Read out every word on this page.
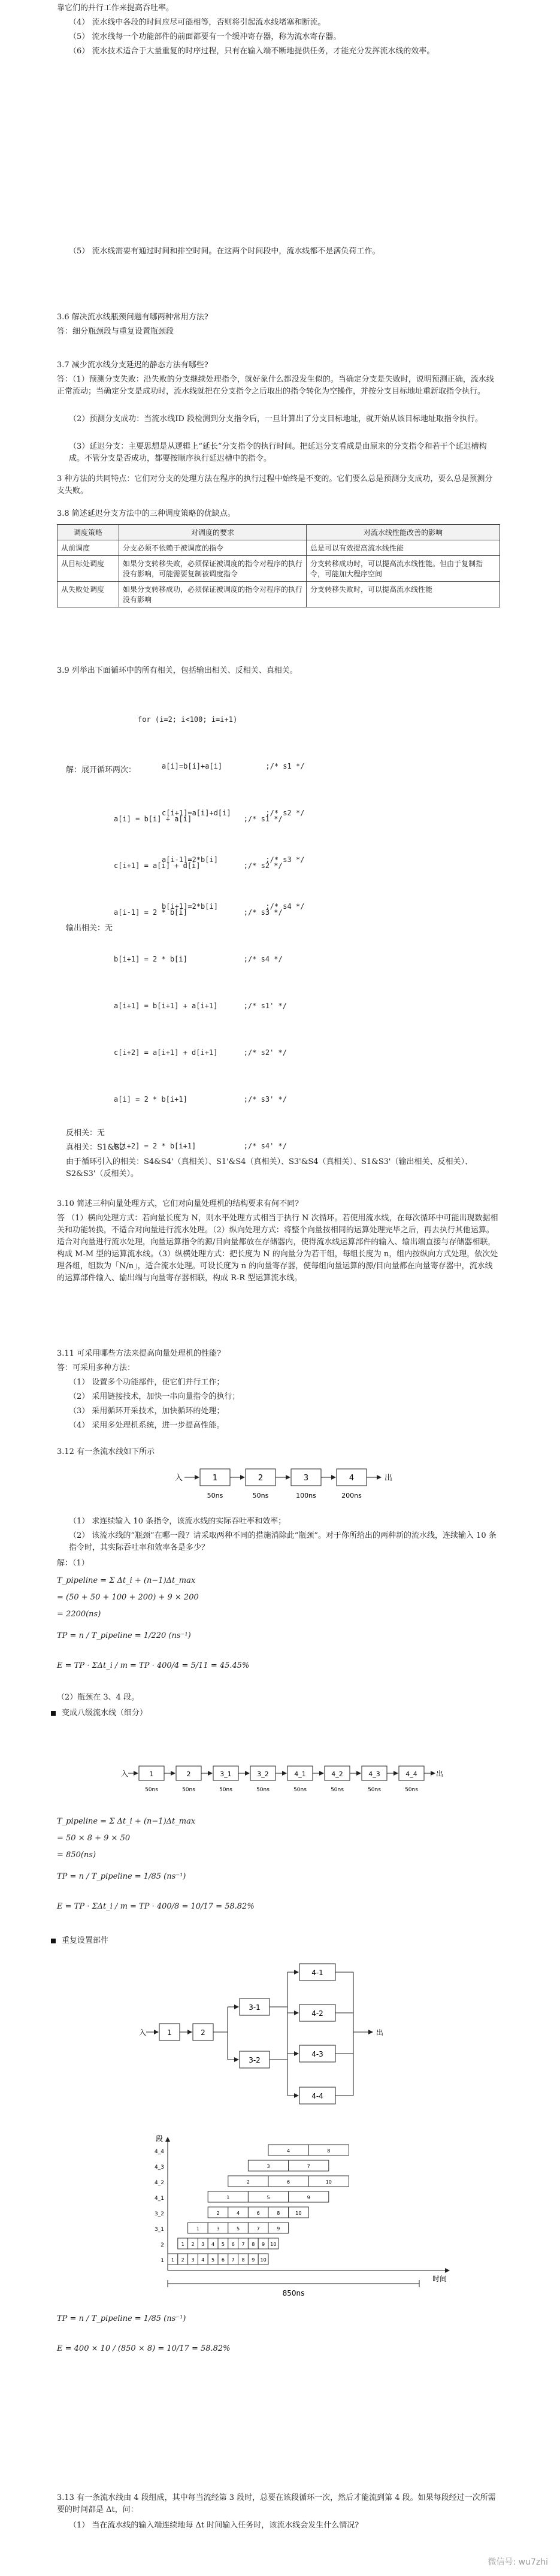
靠它们的并行工作来提高吞吐率。

（4） 流水线中各段的时间应尽可能相等，否则将引起流水线堵塞和断流。

（5） 流水线每一个功能部件的前面都要有一个缓冲寄存器，称为流水寄存器。

（6） 流水技术适合于大量重复的时序过程，只有在输入端不断地提供任务，才能充分发挥流水线的效率。

（5） 流水线需要有通过时间和排空时间。在这两个时间段中，流水线都不是满负荷工作。

3.6 解决流水线瓶颈问题有哪两种常用方法?

答：细分瓶颈段与重复设置瓶颈段

3.7 减少流水线分支延迟的静态方法有哪些?

答：（1）预测分支失败：沿失败的分支继续处理指令，就好象什么都没发生似的。当确定分支是失败时，说明预测正确，流水线正常流动；当确定分支是成功时，流水线就把在分支指令之后取出的指令转化为空操作，并按分支目标地址重新取指令执行。

（2）预测分支成功：当流水线ID 段检测到分支指令后，一旦计算出了分支目标地址，就开始从该目标地址取指令执行。

（3）延迟分支：主要思想是从逻辑上“延长”分支指令的执行时间。把延迟分支看成是由原来的分支指令和若干个延迟槽构成。不管分支是否成功，都要按顺序执行延迟槽中的指令。

3 种方法的共同特点：它们对分支的处理方法在程序的执行过程中始终是不变的。它们要么总是预测分支成功，要么总是预测分支失败。

3.8 简述延迟分支方法中的三种调度策略的优缺点。

调度策略	对调度的要求	对流水线性能改善的影响
从前调度	分支必须不依赖于被调度的指令	总是可以有效提高流水线性能
从目标处调度	如果分支转移失败，必须保证被调度的指令对程序的执行没有影响，可能需要复制被调度指令	分支转移成功时，可以提高流水线性能。但由于复制指令，可能加大程序空间
从失败处调度	如果分支转移成功，必须保证被调度的指令对程序的执行没有影响	分支转移失败时，可以提高流水线性能

3.9 列举出下面循环中的所有相关，包括输出相关、反相关、真相关。

for (i=2; i<100; i=i+1)

a[i]=b[i]+a[i]          ;/* s1 */

c[i+1]=a[i]+d[i]        ;/* s2 */

a[i-1]=2*b[i]           ;/* s3 */

b[i+1]=2*b[i]           ;/* s4 */

解：展开循环两次：

a[i] = b[i] + a[i]            ;/* s1 */

c[i+1] = a[i] + d[i]          ;/* s2 */

a[i-1] = 2 * b[i]             ;/* s3 */

b[i+1] = 2 * b[i]             ;/* s4 */

a[i+1] = b[i+1] + a[i+1]      ;/* s1' */

c[i+2] = a[i+1] + d[i+1]      ;/* s2' */

a[i] = 2 * b[i+1]             ;/* s3' */

b[i+2] = 2 * b[i+1]           ;/* s4' */

输出相关：无

反相关：无

真相关：S1&S2

由于循环引入的相关：S4&S4'（真相关）、S1'&S4（真相关）、S3'&S4（真相关）、S1&S3'（输出相关、反相关）、S2&S3'（反相关）。

3.10 简述三种向量处理方式，它们对向量处理机的结构要求有何不同?

答 （1）横向处理方式：若向量长度为 N，则水平处理方式相当于执行 N 次循环。若使用流水线，在每次循环中可能出现数据相关和功能转换，不适合对向量进行流水处理。（2）纵向处理方式：将整个向量按相同的运算处理完毕之后，再去执行其他运算。适合对向量进行流水处理，向量运算指令的源/目向量都放在存储器内，使得流水线运算部件的输入、输出端直接与存储器相联，构成 M-M 型的运算流水线。（3）纵横处理方式：把长度为 N 的向量分为若干组，每组长度为 n，组内按纵向方式处理，依次处理各组，组数为「N/n」，适合流水处理。可设长度为 n 的向量寄存器，使每组向量运算的源/目向量都在向量寄存器中，流水线的运算部件输入、输出端与向量寄存器相联，构成 R-R 型运算流水线。

3.11 可采用哪些方法来提高向量处理机的性能?

答：可采用多种方法：

（1） 设置多个功能部件，使它们并行工作；

（2） 采用链接技术，加快一串向量指令的执行；

（3） 采用循环开采技术，加快循环的处理；

（4） 采用多处理机系统，进一步提高性能。

3.12 有一条流水线如下所示

入	1	2	3	4	出
50ns	50ns	100ns	200ns

（1） 求连续输入 10 条指令，该流水线的实际吞吐率和效率；

（2） 该流水线的“瓶颈”在哪一段？请采取两种不同的措施消除此“瓶颈”。对于你所给出的两种新的流水线，连续输入 10 条指令时，其实际吞吐率和效率各是多少？

解：（1）

T_pipeline = Σ Δt_i + (n−1)Δt_max
= (50 + 50 + 100 + 200) + 9 × 200
= 2200(ns)
TP = n / T_pipeline = 1/220 (ns⁻¹)
E = TP · ΣΔt_i / m = TP · 400/4 = 5/11 = 45.45%

（2）瓶颈在 3、4 段。

变成八级流水线（细分）
入	1
50ns
2
50ns
3_1
50ns
3_2
50ns
4_1
50ns
4_2
50ns
4_3
50ns
4_4
50ns
出
T_pipeline = Σ Δt_i + (n−1)Δt_max
= 50 × 8 + 9 × 50
= 850(ns)
TP = n / T_pipeline = 1/85 (ns⁻¹)
E = TP · ΣΔt_i / m = TP · 400/8 = 10/17 = 58.82%
重复设置部件
入	1	2
3-1
3-2
4-1
4-2
4-3
4-4
出
段
时间
4_4	4	8
4_3	3	7
4_2	2	6	10
4_1	1	5	9
3_2	2	4	6	8	10
3_1	1	3	5	7	9
2	1 2 3 4 5 6 7 8 9 10
1 1 2 3 4 5 6 7 8 9 10
850ns
TP = n / T_pipeline = 1/85 (ns⁻¹)
E = 400 × 10 / (850 × 8) = 10/17 = 58.82%

3.13 有一条流水线由 4 段组成，其中每当流经第 3 段时，总要在该段循环一次，然后才能流到第 4 段。如果每段经过一次所需要的时间都是 Δt，问：

（1） 当在流水线的输入端连续地每 Δt 时间输入任务时，该流水线会发生什么情况?

微信号: wu7zhi
